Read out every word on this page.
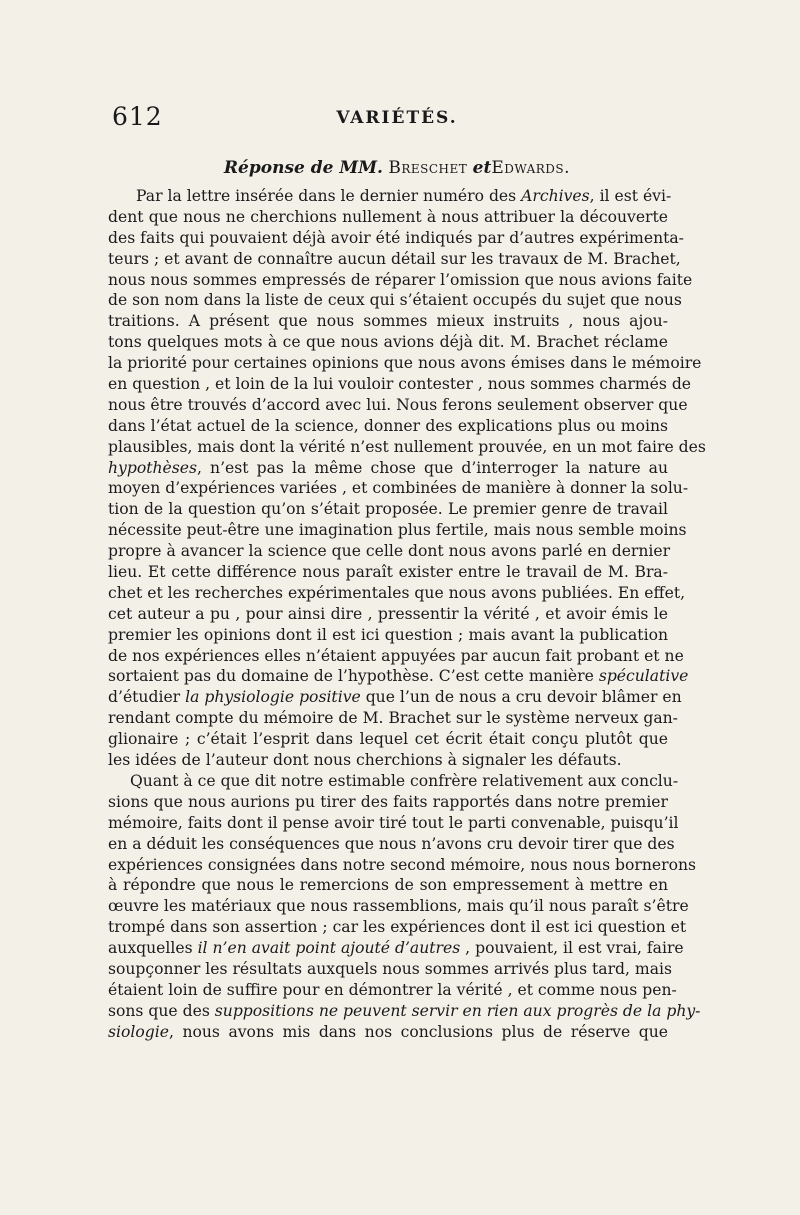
612	VARIÉTÉS.
Réponse de MM. Breschet etEdwards.
Par la lettre insérée dans le dernier numéro des Archives, il est évi-
dent que nous ne cherchions nullement à nous attribuer la découverte
des faits qui pouvaient déjà avoir été indiqués par d’autres expérimenta-
teurs ; et avant de connaître aucun détail sur les travaux de M. Brachet,
nous nous sommes empressés de réparer l’omission que nous avions faite
de son nom dans la liste de ceux qui s’étaient occupés du sujet que nous
traitions. A présent que nous sommes mieux instruits , nous ajou-
tons quelques mots à ce que nous avions déjà dit. M. Brachet réclame
la priorité pour certaines opinions que nous avons émises dans le mémoire
en question , et loin de la lui vouloir contester , nous sommes charmés de
nous être trouvés d’accord avec lui. Nous ferons seulement observer que
dans l’état actuel de la science, donner des explications plus ou moins
plausibles, mais dont la vérité n’est nullement prouvée, en un mot faire des
hypothèses, n’est pas la même chose que d’interroger la nature au
moyen d’expériences variées , et combinées de manière à donner la solu-
tion de la question qu’on s’était proposée. Le premier genre de travail
nécessite peut-être une imagination plus fertile, mais nous semble moins
propre à avancer la science que celle dont nous avons parlé en dernier
lieu. Et cette différence nous paraît exister entre le travail de M. Bra-
chet et les recherches expérimentales que nous avons publiées. En effet,
cet auteur a pu , pour ainsi dire , pressentir la vérité , et avoir émis le
premier les opinions dont il est ici question ; mais avant la publication
de nos expériences elles n’étaient appuyées par aucun fait probant et ne
sortaient pas du domaine de l’hypothèse. C’est cette manière spéculative
d’étudier la physiologie positive que l’un de nous a cru devoir blâmer en
rendant compte du mémoire de M. Brachet sur le système nerveux gan-
glionaire ; c’était l’esprit dans lequel cet écrit était conçu plutôt que
les idées de l’auteur dont nous cherchions à signaler les défauts.
Quant à ce que dit notre estimable confrère relativement aux conclu-
sions que nous aurions pu tirer des faits rapportés dans notre premier
mémoire, faits dont il pense avoir tiré tout le parti convenable, puisqu’il
en a déduit les conséquences que nous n’avons cru devoir tirer que des
expériences consignées dans notre second mémoire, nous nous bornerons
à répondre que nous le remercions de son empressement à mettre en
œuvre les matériaux que nous rassemblions, mais qu’il nous paraît s’être
trompé dans son assertion ; car les expériences dont il est ici question et
auxquelles il n’en avait point ajouté d’autres , pouvaient, il est vrai, faire
soupçonner les résultats auxquels nous sommes arrivés plus tard, mais
étaient loin de suffire pour en démontrer la vérité , et comme nous pen-
sons que des suppositions ne peuvent servir en rien aux progrès de la phy-
siologie, nous avons mis dans nos conclusions plus de réserve que
